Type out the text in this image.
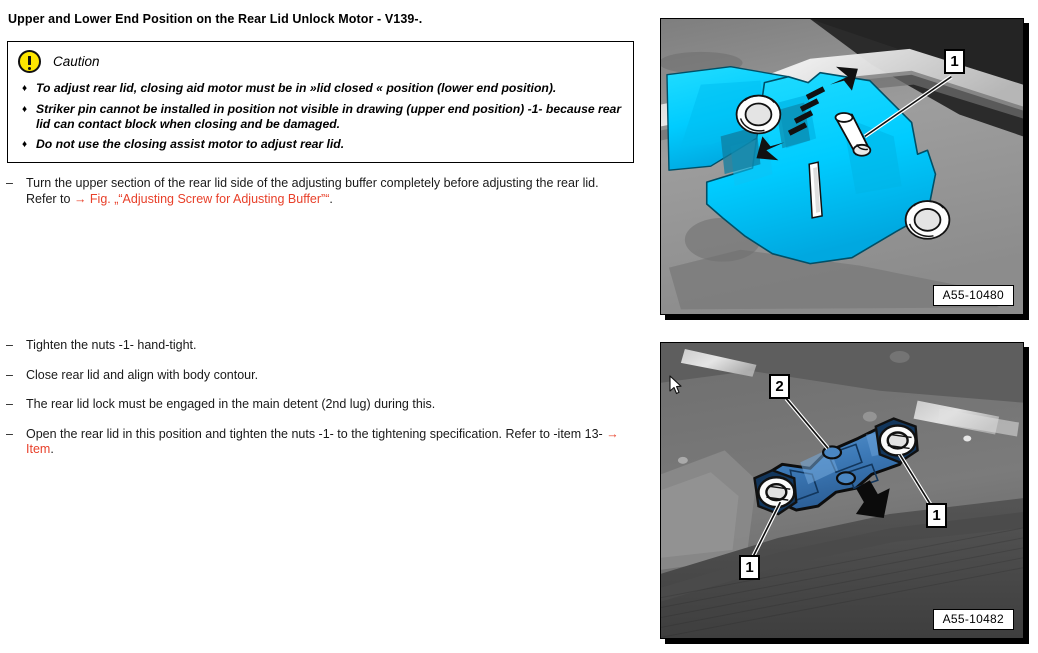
Upper and Lower End Position on the Rear Lid Unlock Motor - V139-.
Caution
♦ To adjust rear lid, closing aid motor must be in »lid closed « position (lower end position).
♦ Striker pin cannot be installed in position not visible in drawing (upper end position) -1- because rear lid can contact block when closing and be damaged.
♦ Do not use the closing assist motor to adjust rear lid.
–	Turn the upper section of the rear lid side of the adjusting buffer completely before adjusting the rear lid. Refer to → Fig. „“Adjusting Screw for Adjusting Buffer”“.
–	Tighten the nuts -1- hand-tight.
–	Close rear lid and align with body contour.
–	The rear lid lock must be engaged in the main detent (2nd lug) during this.
–	Open the rear lid in this position and tighten the nuts -1- to the tightening specification. Refer to -item 13- → Item.
1
A55-10480
2
1
1
A55-10482
